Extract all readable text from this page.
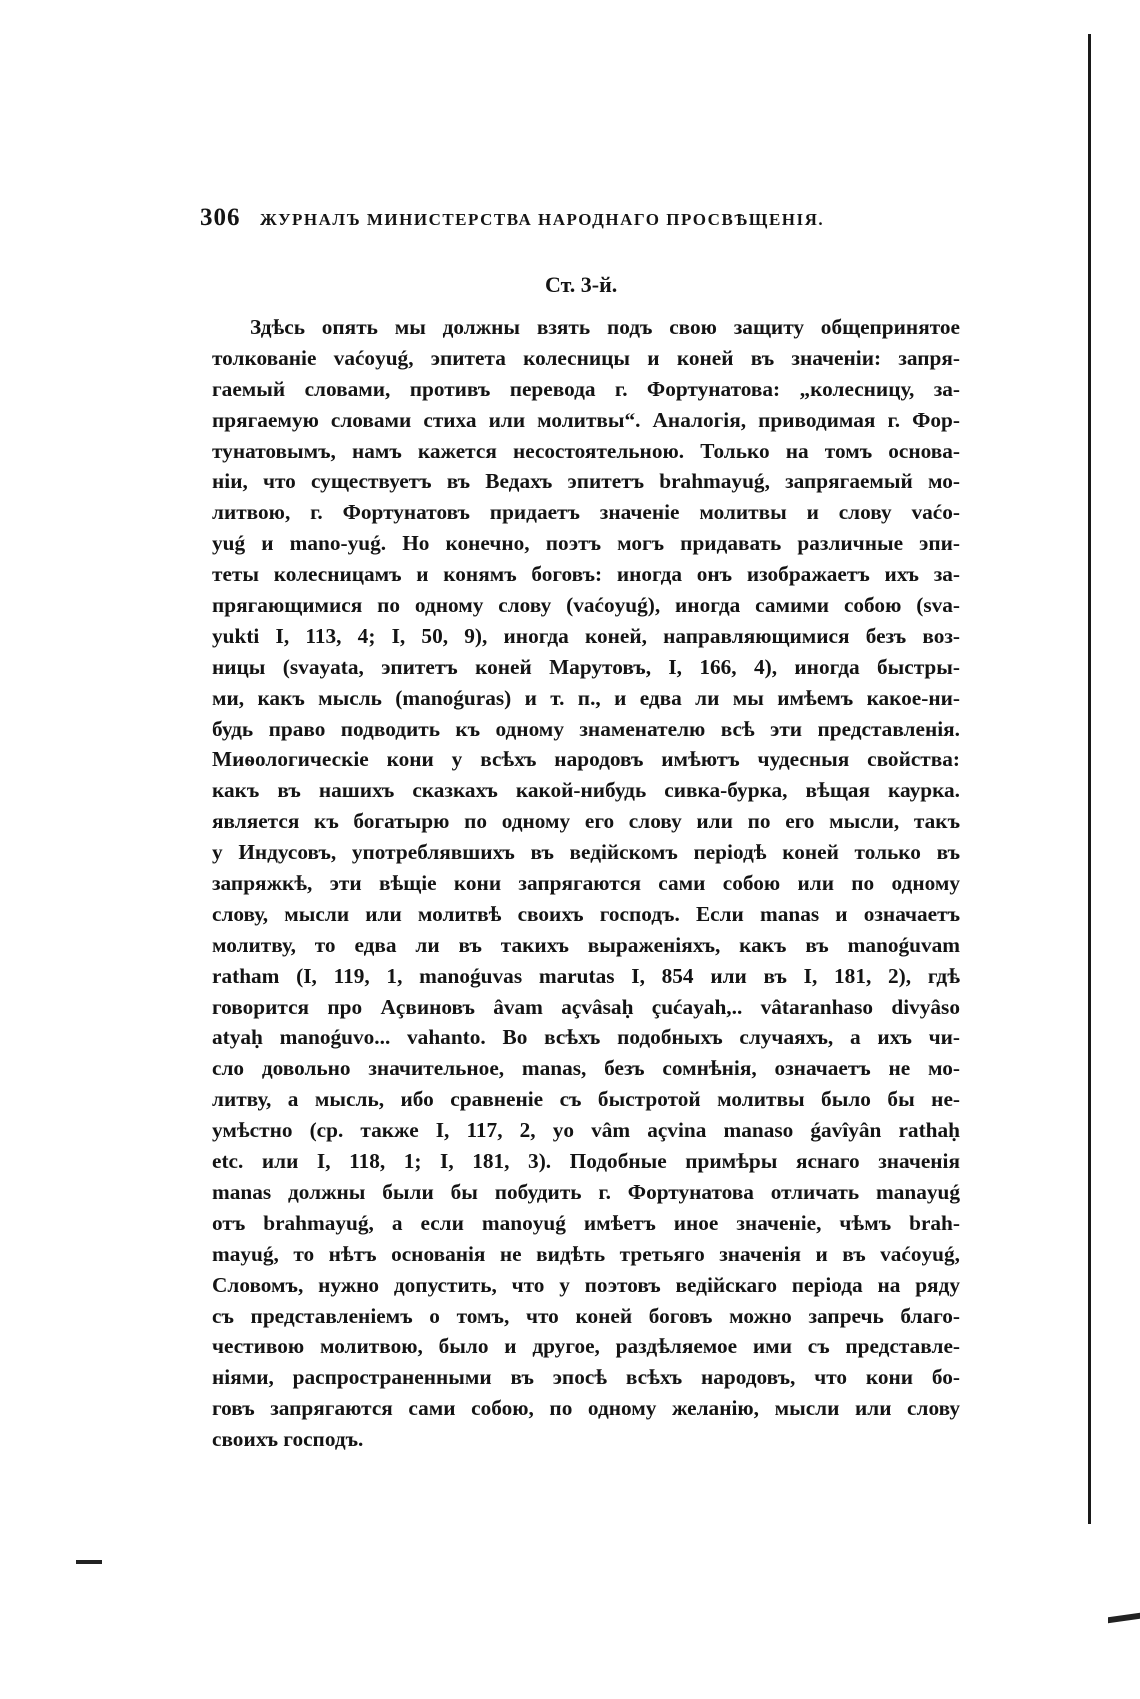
306 ЖУРНАЛЪ МИНИСТЕРСТВА НАРОДНАГО ПРОСВѢЩЕНІЯ.
Ст. 3-й.
Здѣсь опять мы должны взять подъ свою защиту общепринятое
толкованіе vaćoyuǵ, эпитета колесницы и коней въ значеніи: запря-
гаемый словами, противъ перевода г. Фортунатова: „колесницу, за-
прягаемую словами стиха или молитвы“. Аналогія, приводимая г. Фор-
тунатовымъ, намъ кажется несостоятельною. Только на томъ основа-
ніи, что существуетъ въ Ведахъ эпитетъ brahmayuǵ, запрягаемый мо-
литвою, г. Фортунатовъ придаетъ значеніе молитвы и слову vaćo-
yuǵ и mano-yuǵ. Но конечно, поэтъ могъ придавать различные эпи-
теты колесницамъ и конямъ боговъ: иногда онъ изображаетъ ихъ за-
прягающимися по одному слову (vaćoyuǵ), иногда самими собою (sva-
yukti I, 113, 4; I, 50, 9), иногда коней, направляющимися безъ воз-
ницы (svayata, эпитетъ коней Марутовъ, I, 166, 4), иногда быстры-
ми, какъ мысль (manoǵuras) и т. п., и едва ли мы имѣемъ какое-ни-
будь право подводить къ одному знаменателю всѣ эти представленія.
Миѳологическіе кони у всѣхъ народовъ имѣютъ чудесныя свойства:
какъ въ нашихъ сказкахъ какой-нибудь сивка-бурка, вѣщая каурка.
является къ богатырю по одному его слову или по его мысли, такъ
у Индусовъ, употреблявшихъ въ ведійскомъ періодѣ коней только въ
запряжкѣ, эти вѣщіе кони запрягаются сами собою или по одному
слову, мысли или молитвѣ своихъ господъ. Если manas и означаетъ
молитву, то едва ли въ такихъ выраженіяхъ, какъ въ manoǵuvam
ratham (I, 119, 1, manoǵuvas marutas I, 854 или въ I, 181, 2), гдѣ
говорится про Аçвиновъ âvam açvâsaḥ çućayah,.. vâtaranhaso divyâso
atyaḥ manoǵuvo... vahanto. Во всѣхъ подобныхъ случаяхъ, а ихъ чи-
сло довольно значительное, manas, безъ сомнѣнія, означаетъ не мо-
литву, а мысль, ибо сравненіе съ быстротой молитвы было бы не-
умѣстно (ср. также I, 117, 2, yo vâm açvina manaso ǵavîyân rathaḥ
etc. или I, 118, 1; I, 181, 3). Подобные примѣры яснаго значенія
manas должны были бы побудить г. Фортунатова отличать manayuǵ
отъ brahmayuǵ, а если manoyuǵ имѣетъ иное значеніе, чѣмъ brah-
mayuǵ, то нѣтъ основанія не видѣть третьяго значенія и въ vaćoyuǵ,
Словомъ, нужно допустить, что у поэтовъ ведійскаго періода на ряду
съ представленіемъ о томъ, что коней боговъ можно запречь благо-
честивою молитвою, было и другое, раздѣляемое ими съ представле-
ніями, распространенными въ эпосѣ всѣхъ народовъ, что кони бо-
говъ запрягаются сами собою, по одному желанію, мысли или слову
своихъ господъ.
